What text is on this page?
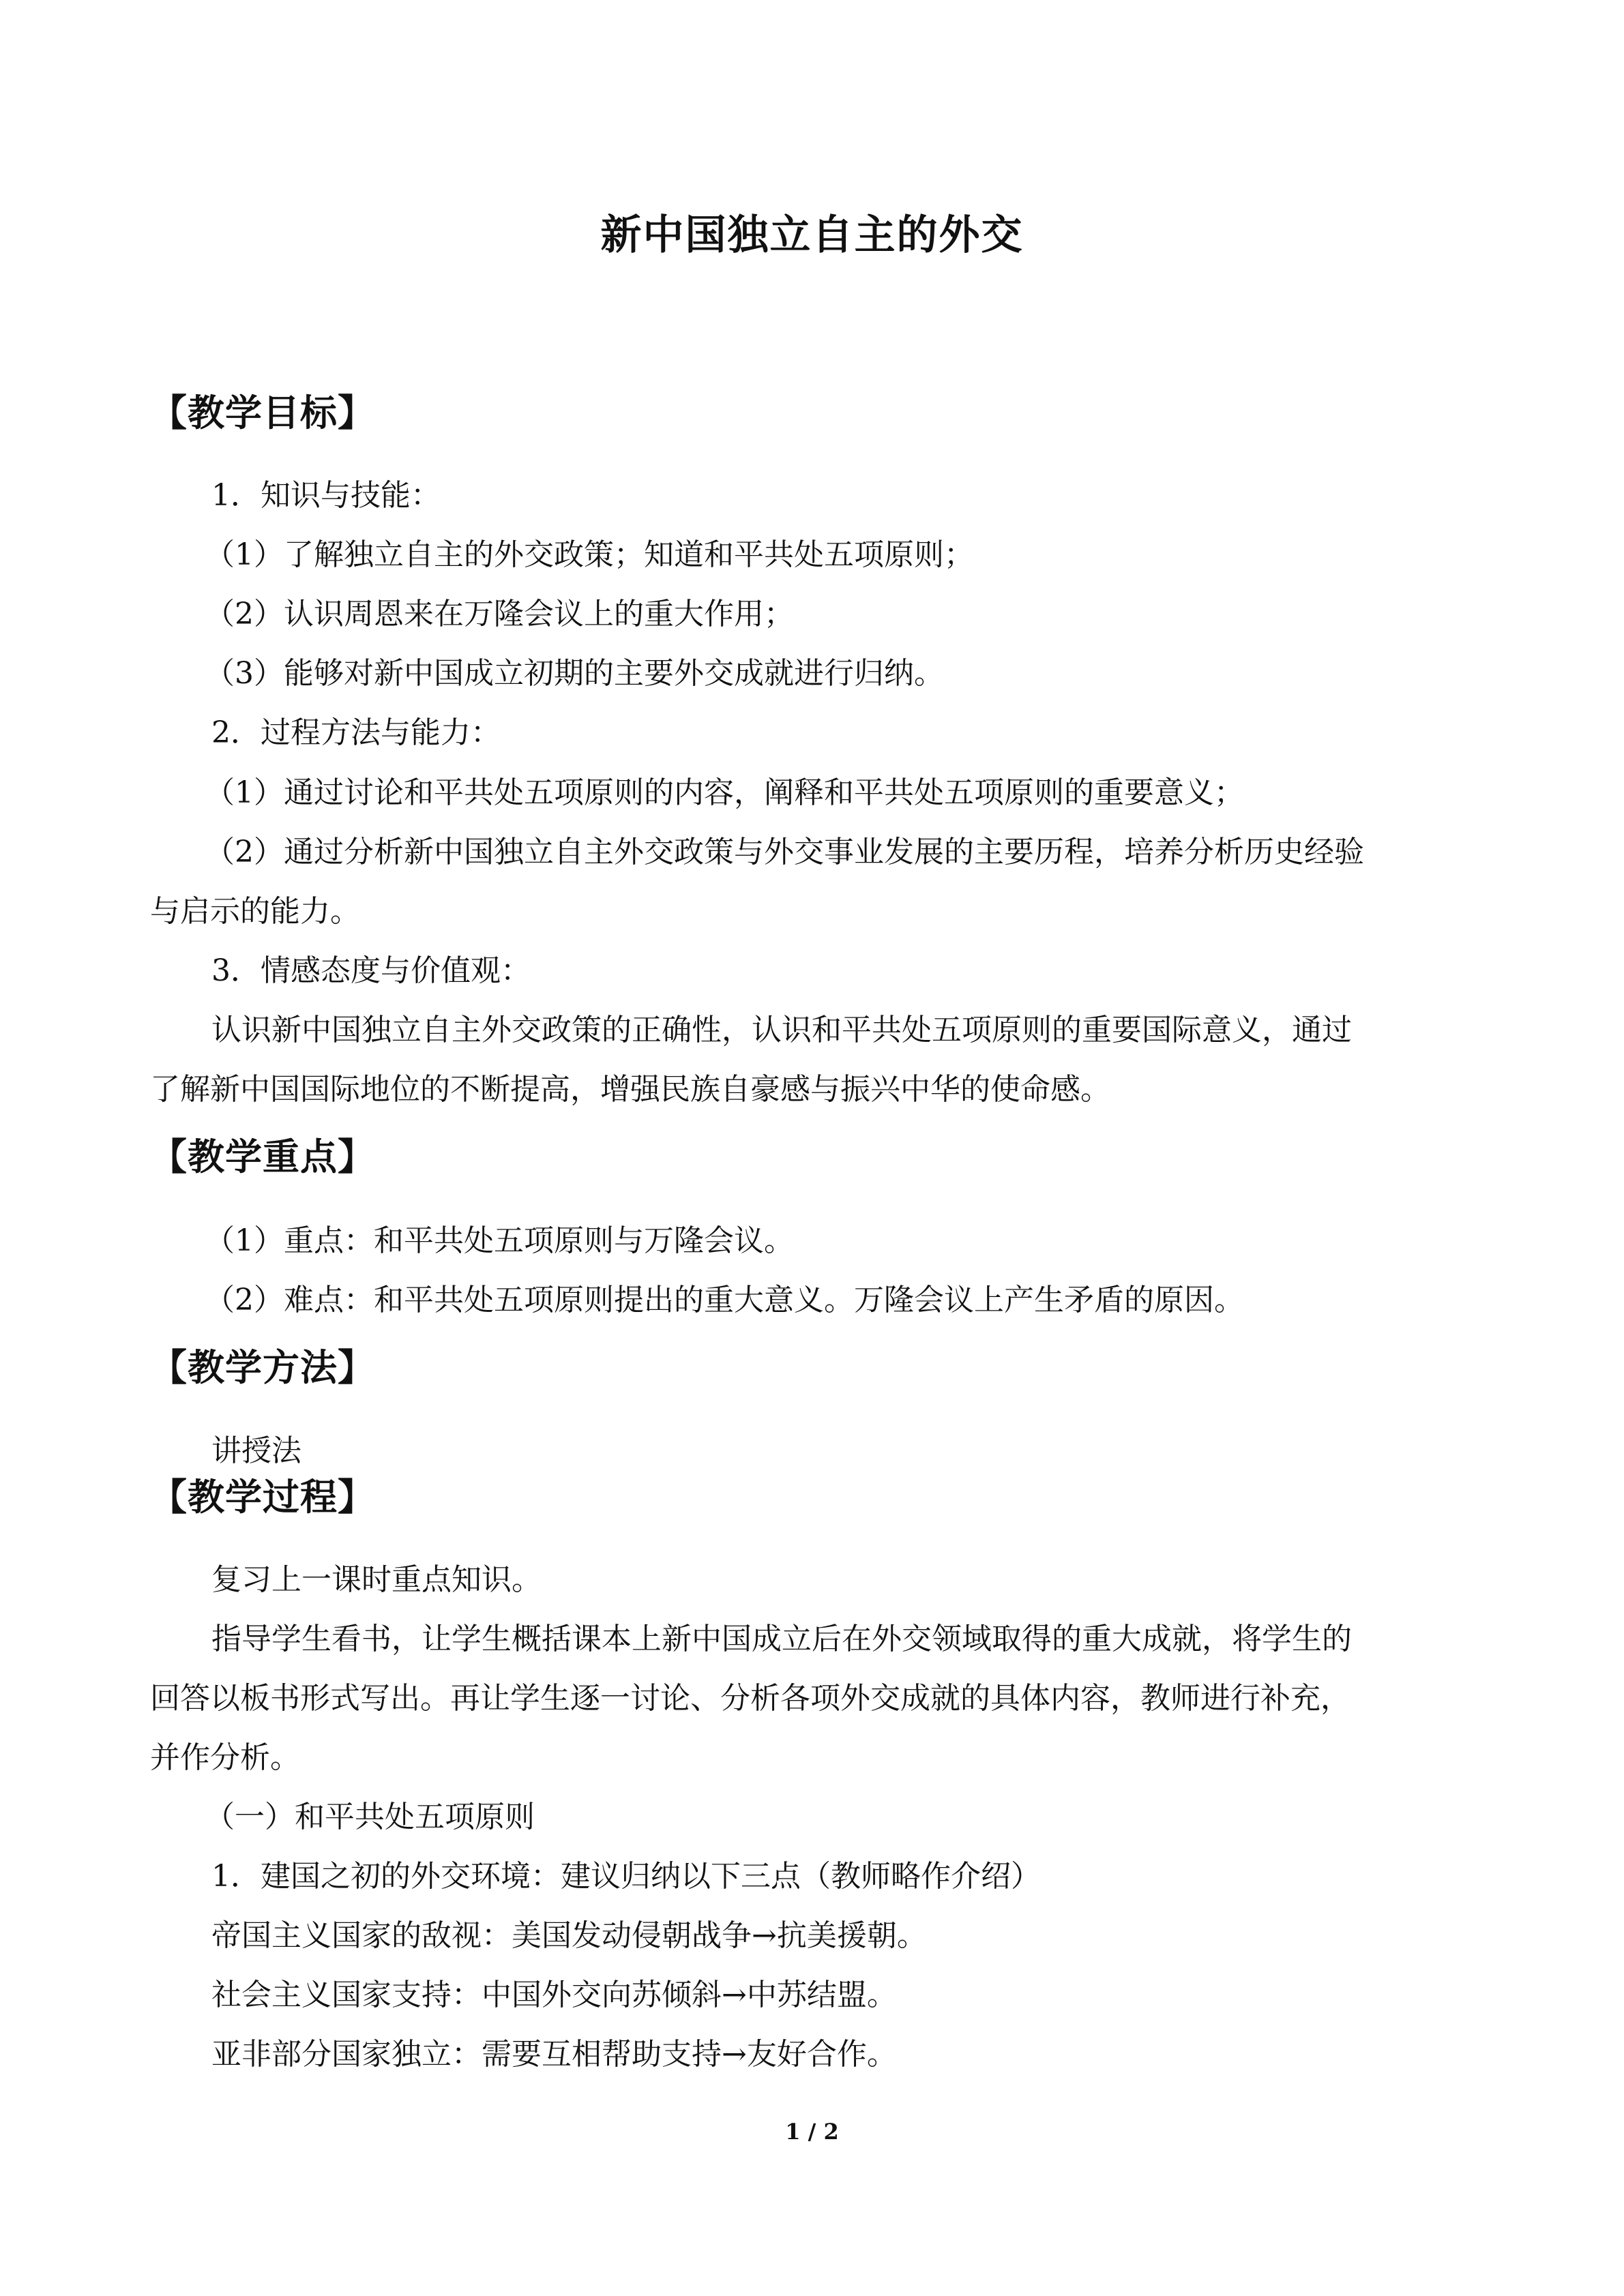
新中国独立自主的外交
【教学目标】
1．知识与技能：
（1）了解独立自主的外交政策；知道和平共处五项原则；
（2）认识周恩来在万隆会议上的重大作用；
（3）能够对新中国成立初期的主要外交成就进行归纳。
2．过程方法与能力：
（1）通过讨论和平共处五项原则的内容，阐释和平共处五项原则的重要意义；
（2）通过分析新中国独立自主外交政策与外交事业发展的主要历程，培养分析历史经验
与启示的能力。
3．情感态度与价值观：
认识新中国独立自主外交政策的正确性，认识和平共处五项原则的重要国际意义，通过
了解新中国国际地位的不断提高，增强民族自豪感与振兴中华的使命感。
【教学重点】
（1）重点：和平共处五项原则与万隆会议。
（2）难点：和平共处五项原则提出的重大意义。万隆会议上产生矛盾的原因。
【教学方法】
讲授法
【教学过程】
复习上一课时重点知识。
指导学生看书，让学生概括课本上新中国成立后在外交领域取得的重大成就，将学生的
回答以板书形式写出。再让学生逐一讨论、分析各项外交成就的具体内容，教师进行补充，
并作分析。
（一）和平共处五项原则
1．建国之初的外交环境：建议归纳以下三点（教师略作介绍）
帝国主义国家的敌视：美国发动侵朝战争→抗美援朝。
社会主义国家支持：中国外交向苏倾斜→中苏结盟。
亚非部分国家独立：需要互相帮助支持→友好合作。
1 / 2
